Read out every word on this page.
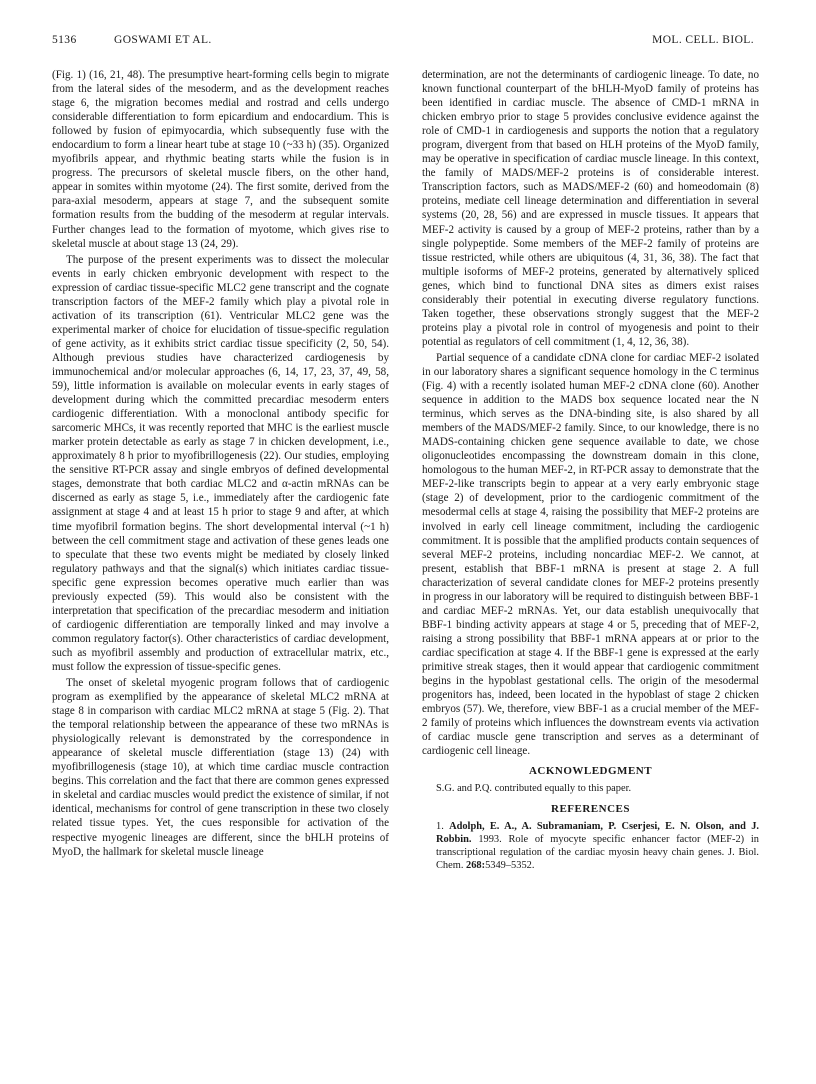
5136	GOSWAMI ET AL.	MOL. CELL. BIOL.

(Fig. 1) (16, 21, 48). The presumptive heart-forming cells begin to migrate from the lateral sides of the mesoderm, and as the development reaches stage 6, the migration becomes medial and rostrad and cells undergo considerable differentiation to form epicardium and endocardium. This is followed by fusion of epimyocardia, which subsequently fuse with the endocardium to form a linear heart tube at stage 10 (~33 h) (35). Organized myofibrils appear, and rhythmic beating starts while the fusion is in progress. The precursors of skeletal muscle fibers, on the other hand, appear in somites within myotome (24). The first somite, derived from the para-axial mesoderm, appears at stage 7, and the subsequent somite formation results from the budding of the mesoderm at regular intervals. Further changes lead to the formation of myotome, which gives rise to skeletal muscle at about stage 13 (24, 29).

The purpose of the present experiments was to dissect the molecular events in early chicken embryonic development with respect to the expression of cardiac tissue-specific MLC2 gene transcript and the cognate transcription factors of the MEF-2 family which play a pivotal role in activation of its transcription (61). Ventricular MLC2 gene was the experimental marker of choice for elucidation of tissue-specific regulation of gene activity, as it exhibits strict cardiac tissue specificity (2, 50, 54). Although previous studies have characterized cardiogenesis by immunochemical and/or molecular approaches (6, 14, 17, 23, 37, 49, 58, 59), little information is available on molecular events in early stages of development during which the committed precardiac mesoderm enters cardiogenic differentiation. With a monoclonal antibody specific for sarcomeric MHCs, it was recently reported that MHC is the earliest muscle marker protein detectable as early as stage 7 in chicken development, i.e., approximately 8 h prior to myofibrillogenesis (22). Our studies, employing the sensitive RT-PCR assay and single embryos of defined developmental stages, demonstrate that both cardiac MLC2 and α-actin mRNAs can be discerned as early as stage 5, i.e., immediately after the cardiogenic fate assignment at stage 4 and at least 15 h prior to stage 9 and after, at which time myofibril formation begins. The short developmental interval (~1 h) between the cell commitment stage and activation of these genes leads one to speculate that these two events might be mediated by closely linked regulatory pathways and that the signal(s) which initiates cardiac tissue-specific gene expression becomes operative much earlier than was previously expected (59). This would also be consistent with the interpretation that specification of the precardiac mesoderm and initiation of cardiogenic differentiation are temporally linked and may involve a common regulatory factor(s). Other characteristics of cardiac development, such as myofibril assembly and production of extracellular matrix, etc., must follow the expression of tissue-specific genes.

The onset of skeletal myogenic program follows that of cardiogenic program as exemplified by the appearance of skeletal MLC2 mRNA at stage 8 in comparison with cardiac MLC2 mRNA at stage 5 (Fig. 2). That the temporal relationship between the appearance of these two mRNAs is physiologically relevant is demonstrated by the correspondence in appearance of skeletal muscle differentiation (stage 13) (24) with myofibrillogenesis (stage 10), at which time cardiac muscle contraction begins. This correlation and the fact that there are common genes expressed in skeletal and cardiac muscles would predict the existence of similar, if not identical, mechanisms for control of gene transcription in these two closely related tissue types. Yet, the cues responsible for activation of the respective myogenic lineages are different, since the bHLH proteins of MyoD, the hallmark for skeletal muscle lineage

determination, are not the determinants of cardiogenic lineage. To date, no known functional counterpart of the bHLH-MyoD family of proteins has been identified in cardiac muscle. The absence of CMD-1 mRNA in chicken embryo prior to stage 5 provides conclusive evidence against the role of CMD-1 in cardiogenesis and supports the notion that a regulatory program, divergent from that based on HLH proteins of the MyoD family, may be operative in specification of cardiac muscle lineage. In this context, the family of MADS/MEF-2 proteins is of considerable interest. Transcription factors, such as MADS/MEF-2 (60) and homeodomain (8) proteins, mediate cell lineage determination and differentiation in several systems (20, 28, 56) and are expressed in muscle tissues. It appears that MEF-2 activity is caused by a group of MEF-2 proteins, rather than by a single polypeptide. Some members of the MEF-2 family of proteins are tissue restricted, while others are ubiquitous (4, 31, 36, 38). The fact that multiple isoforms of MEF-2 proteins, generated by alternatively spliced genes, which bind to functional DNA sites as dimers exist raises considerably their potential in executing diverse regulatory functions. Taken together, these observations strongly suggest that the MEF-2 proteins play a pivotal role in control of myogenesis and point to their potential as regulators of cell commitment (1, 4, 12, 36, 38).

Partial sequence of a candidate cDNA clone for cardiac MEF-2 isolated in our laboratory shares a significant sequence homology in the C terminus (Fig. 4) with a recently isolated human MEF-2 cDNA clone (60). Another sequence in addition to the MADS box sequence located near the N terminus, which serves as the DNA-binding site, is also shared by all members of the MADS/MEF-2 family. Since, to our knowledge, there is no MADS-containing chicken gene sequence available to date, we chose oligonucleotides encompassing the downstream domain in this clone, homologous to the human MEF-2, in RT-PCR assay to demonstrate that the MEF-2-like transcripts begin to appear at a very early embryonic stage (stage 2) of development, prior to the cardiogenic commitment of the mesodermal cells at stage 4, raising the possibility that MEF-2 proteins are involved in early cell lineage commitment, including the cardiogenic commitment. It is possible that the amplified products contain sequences of several MEF-2 proteins, including noncardiac MEF-2. We cannot, at present, establish that BBF-1 mRNA is present at stage 2. A full characterization of several candidate clones for MEF-2 proteins presently in progress in our laboratory will be required to distinguish between BBF-1 and cardiac MEF-2 mRNAs. Yet, our data establish unequivocally that BBF-1 binding activity appears at stage 4 or 5, preceding that of MEF-2, raising a strong possibility that BBF-1 mRNA appears at or prior to the cardiac specification at stage 4. If the BBF-1 gene is expressed at the early primitive streak stages, then it would appear that cardiogenic commitment begins in the hypoblast gestational cells. The origin of the mesodermal progenitors has, indeed, been located in the hypoblast of stage 2 chicken embryos (57). We, therefore, view BBF-1 as a crucial member of the MEF-2 family of proteins which influences the downstream events via activation of cardiac muscle gene transcription and serves as a determinant of cardiogenic cell lineage.

ACKNOWLEDGMENT

S.G. and P.Q. contributed equally to this paper.

REFERENCES

1. Adolph, E. A., A. Subramaniam, P. Cserjesi, E. N. Olson, and J. Robbin. 1993. Role of myocyte specific enhancer factor (MEF-2) in transcriptional regulation of the cardiac myosin heavy chain genes. J. Biol. Chem. 268:5349–5352.
